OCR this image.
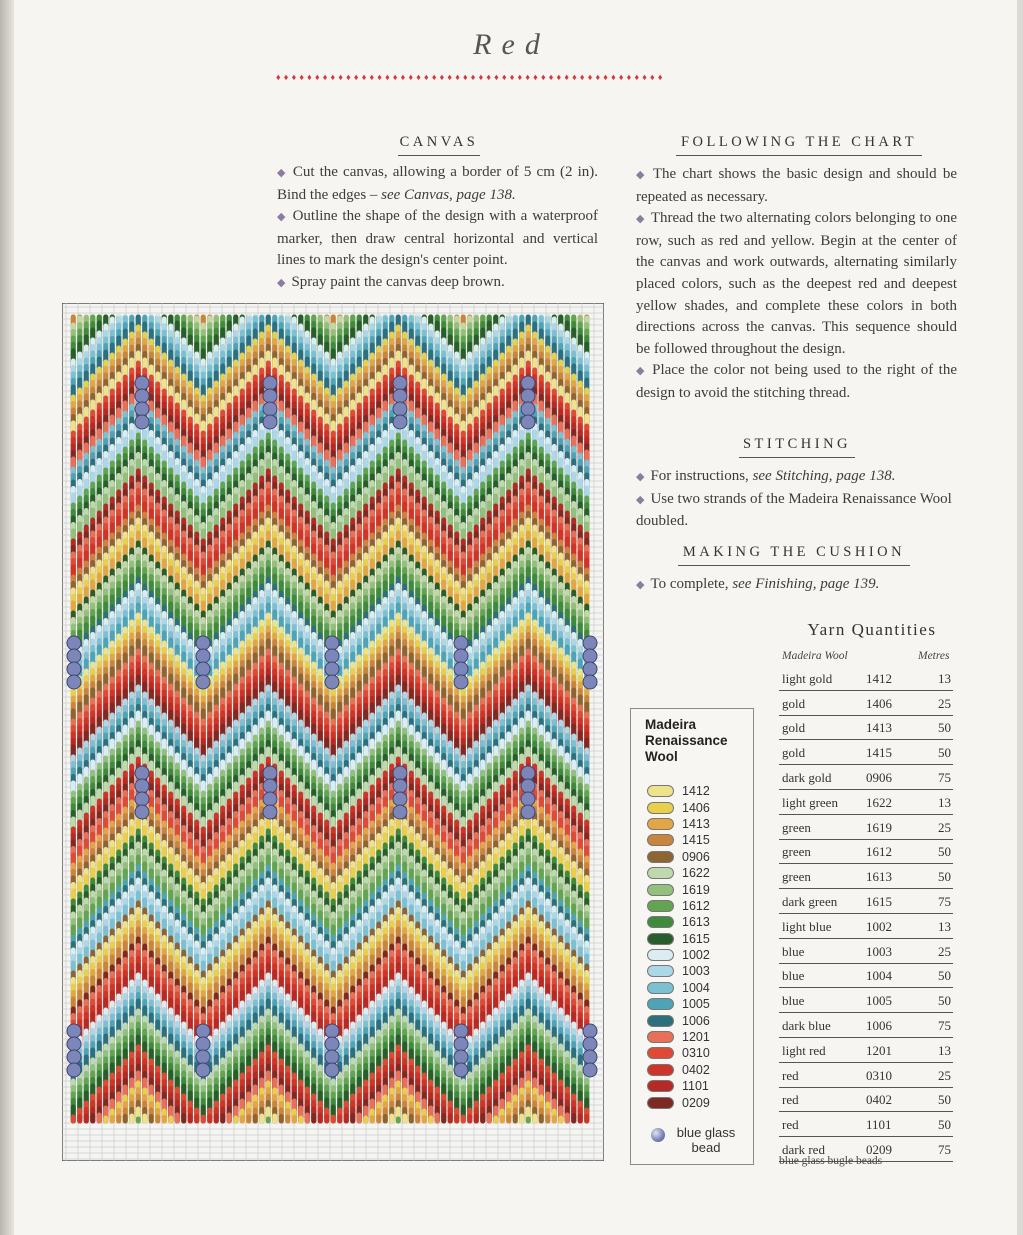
Red
♦♦♦♦♦♦♦♦♦♦♦♦♦♦♦♦♦♦♦♦♦♦♦♦♦♦♦♦♦♦♦♦♦♦♦♦♦♦♦♦♦♦♦♦♦♦♦♦♦♦
CANVAS

◆ Cut the canvas, allowing a border of 5 cm (2 in). Bind the edges – see Canvas, page 138.

◆ Outline the shape of the design with a waterproof marker, then draw central horizontal and vertical lines to mark the design's center point.

◆ Spray paint the canvas deep brown.

FOLLOWING THE CHART

◆ The chart shows the basic design and should be repeated as necessary.

◆ Thread the two alternating colors belonging to one row, such as red and yellow. Begin at the center of the canvas and work outwards, alternating similarly placed colors, such as the deepest red and deepest yellow shades, and complete these colors in both directions across the canvas. This sequence should be followed throughout the design.

◆ Place the color not being used to the right of the design to avoid the stitching thread.

STITCHING

◆ For instructions, see Stitching, page 138.

◆ Use two strands of the Madeira Renaissance Wool doubled.

MAKING THE CUSHION

◆ To complete, see Finishing, page 139.

Madeira
Renaissance
Wool
1412
1406
1413
1415
0906
1622
1619
1612
1613
1615
1002
1003
1004
1005
1006
1201
0310
0402
1101
0209
blue glass bead
Yarn Quantities
Madeira Wool	Metres
light gold	1412	13
gold	1406	25
gold	1413	50
gold	1415	50
dark gold	0906	75
light green 1622	13
green	1619	25
green	1612	50
green	1613	50
dark green 1615	75
light blue	1002	13
blue	1003	25
blue	1004	50
blue	1005	50
dark blue	1006	75
light red	1201	13
red	0310	25
red	0402	50
red	1101	50
dark red	0209	75
blue glass bugle beads
